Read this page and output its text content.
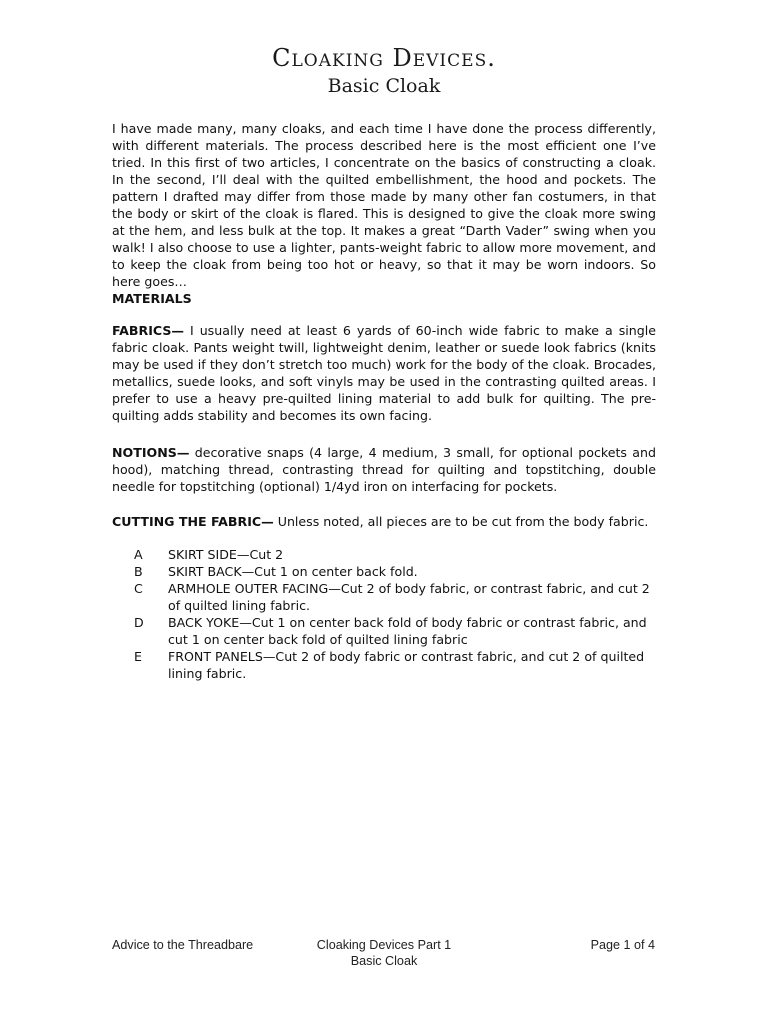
Cloaking Devices.
Basic Cloak

I have made many, many cloaks, and each time I have done the process differently, with different materials. The process described here is the most efficient one I’ve tried. In this first of two articles, I concentrate on the basics of constructing a cloak. In the second, I’ll deal with the quilted embellishment, the hood and pockets. The pattern I drafted may differ from those made by many other fan costumers, in that the body or skirt of the cloak is flared. This is designed to give the cloak more swing at the hem, and less bulk at the top. It makes a great “Darth Vader” swing when you walk! I also choose to use a lighter, pants-weight fabric to allow more movement, and to keep the cloak from being too hot or heavy, so that it may be worn indoors. So here goes…

MATERIALS

FABRICS— I usually need at least 6 yards of 60-inch wide fabric to make a single fabric cloak. Pants weight twill, lightweight denim, leather or suede look fabrics (knits may be used if they don’t stretch too much) work for the body of the cloak. Brocades, metallics, suede looks, and soft vinyls may be used in the contrasting quilted areas. I prefer to use a heavy pre-quilted lining material to add bulk for quilting. The pre-quilting adds stability and becomes its own facing.

NOTIONS— decorative snaps (4 large, 4 medium, 3 small, for optional pockets and hood), matching thread, contrasting thread for quilting and topstitching, double needle for topstitching (optional) 1/4yd iron on interfacing for pockets.

CUTTING THE FABRIC— Unless noted, all pieces are to be cut from the body fabric.

A	SKIRT SIDE—Cut 2
B	SKIRT BACK—Cut 1 on center back fold.
C	ARMHOLE OUTER FACING—Cut 2 of body fabric, or contrast fabric, and cut 2 of quilted lining fabric.
D	BACK YOKE—Cut 1 on center back fold of body fabric or contrast fabric, and cut 1 on center back fold of quilted lining fabric
E	FRONT PANELS—Cut 2 of body fabric or contrast fabric, and cut 2 of quilted lining fabric.
Advice to the Threadbare	Cloaking Devices Part 1
Basic Cloak
Page 1 of 4
